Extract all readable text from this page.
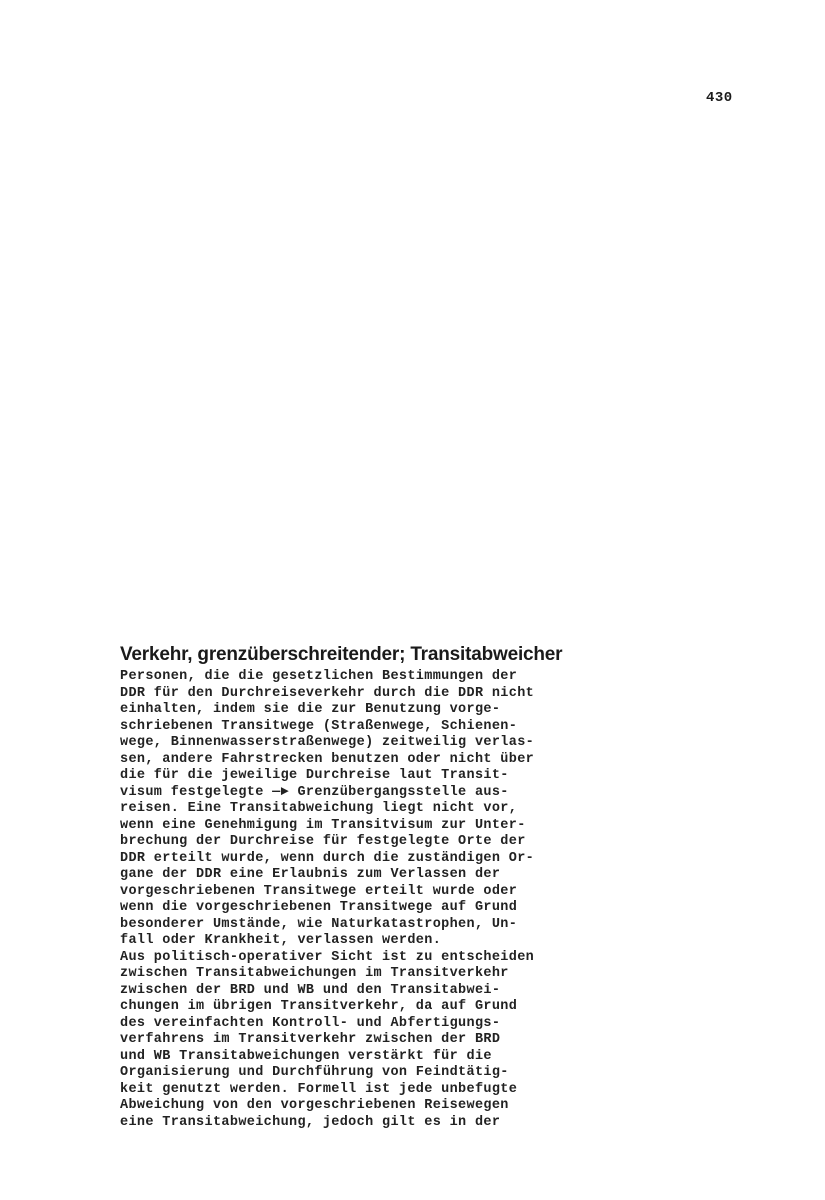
430
Verkehr, grenzüberschreitender; Transitabweicher
Personen, die die gesetzlichen Bestimmungen der
DDR für den Durchreiseverkehr durch die DDR nicht
einhalten, indem sie die zur Benutzung vorge-
schriebenen Transitwege (Straßenwege, Schienen-
wege, Binnenwasserstraßenwege) zeitweilig verlas-
sen, andere Fahrstrecken benutzen oder nicht über
die für die jeweilige Durchreise laut Transit-
visum festgelegte —► Grenzübergangsstelle aus-
reisen. Eine Transitabweichung liegt nicht vor,
wenn eine Genehmigung im Transitvisum zur Unter-
brechung der Durchreise für festgelegte Orte der
DDR erteilt wurde, wenn durch die zuständigen Or-
gane der DDR eine Erlaubnis zum Verlassen der
vorgeschriebenen Transitwege erteilt wurde oder
wenn die vorgeschriebenen Transitwege auf Grund
besonderer Umstände, wie Naturkatastrophen, Un-
fall oder Krankheit, verlassen werden.
Aus politisch-operativer Sicht ist zu entscheiden
zwischen Transitabweichungen im Transitverkehr
zwischen der BRD und WB und den Transitabwei-
chungen im übrigen Transitverkehr, da auf Grund
des vereinfachten Kontroll- und Abfertigungs-
verfahrens im Transitverkehr zwischen der BRD
und WB Transitabweichungen verstärkt für die
Organisierung und Durchführung von Feindtätig-
keit genutzt werden. Formell ist jede unbefugte
Abweichung von den vorgeschriebenen Reisewegen
eine Transitabweichung, jedoch gilt es in der
